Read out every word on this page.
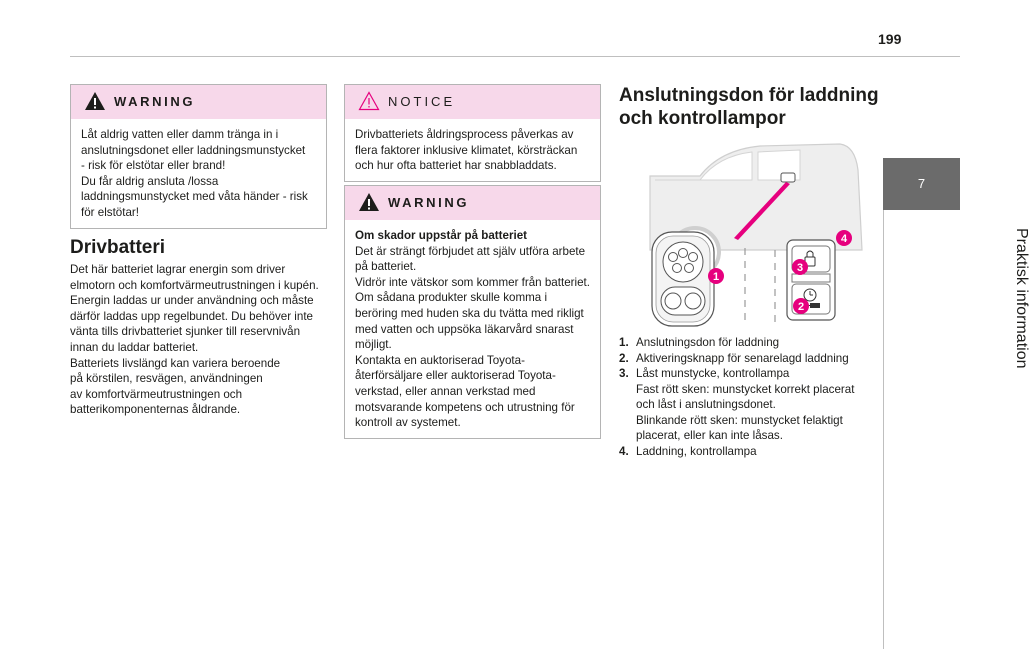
199
7
Praktisk information
WARNING

Låt aldrig vatten eller damm tränga in i

anslutningsdonet eller laddningsmunstycket

- risk för elstötar eller brand!

Du får aldrig ansluta /lossa

laddningsmunstycket med våta händer - risk

för elstötar!

Drivbatteri

Det här batteriet lagrar energin som driver

elmotorn och komfortvärmeutrustningen i kupén.

Energin laddas ur under användning och måste

därför laddas upp regelbundet. Du behöver inte

vänta tills drivbatteriet sjunker till reservnivån

innan du laddar batteriet.

Batteriets livslängd kan variera beroende

på körstilen, resvägen, användningen

av komfortvärmeutrustningen och

batterikomponenternas åldrande.

NOTICE

Drivbatteriets åldringsprocess påverkas av

flera faktorer inklusive klimatet, körsträckan

och hur ofta batteriet har snabbladdats.

WARNING

Om skador uppstår på batteriet

Det är strängt förbjudet att själv utföra arbete

på batteriet.

Vidrör inte vätskor som kommer från batteriet.

Om sådana produkter skulle komma i

beröring med huden ska du tvätta med rikligt

med vatten och uppsöka läkarvård snarast

möjligt.

Kontakta en auktoriserad Toyota-

återförsäljare eller auktoriserad Toyota-

verkstad, eller annan verkstad med

motsvarande kompetens och utrustning för

kontroll av systemet.

Anslutningsdon för laddning
och kontrollampor
1
2
3
4
1. Anslutningsdon för laddning

2. Aktiveringsknapp för senarelagd laddning

3. Låst munstycke, kontrollampa

Fast rött sken: munstycket korrekt placerat

och låst i anslutningsdonet.

Blinkande rött sken: munstycket felaktigt

placerat, eller kan inte låsas.

4. Laddning, kontrollampa
